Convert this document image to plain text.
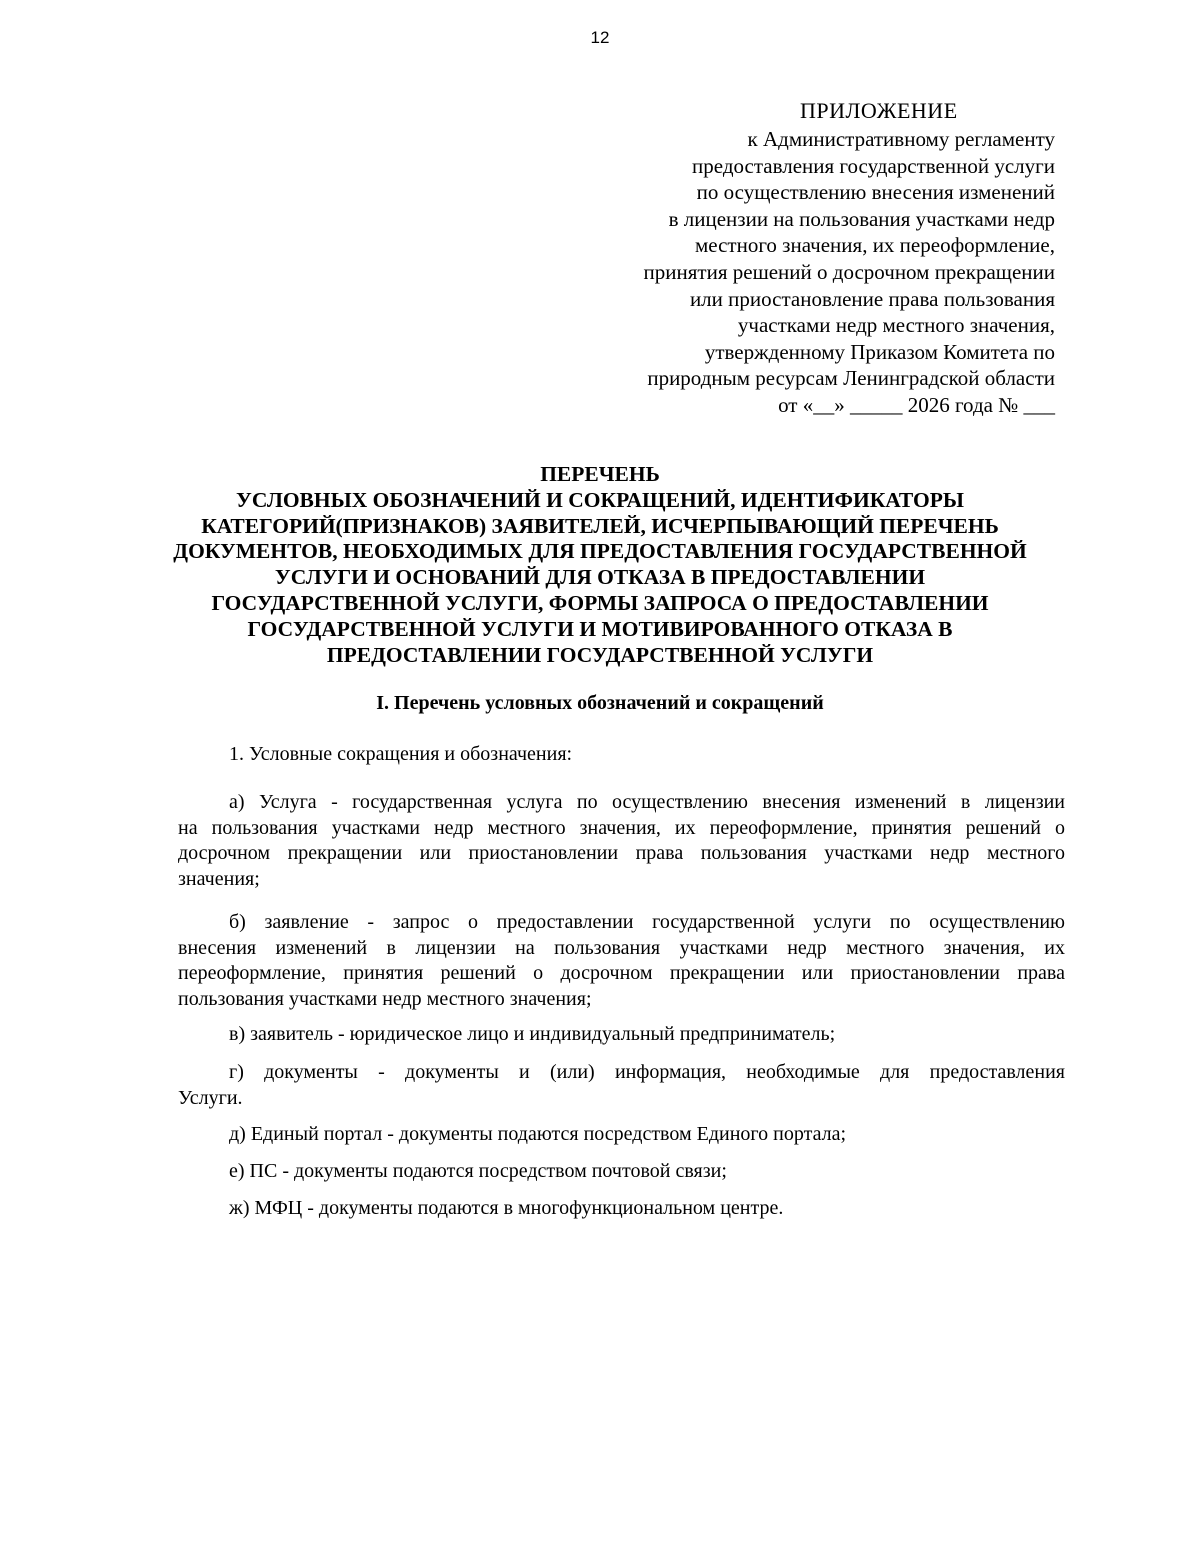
12
ПРИЛОЖЕНИЕ
к Административному регламенту
предоставления государственной услуги
по осуществлению внесения изменений
в лицензии на пользования участками недр
местного значения, их переоформление,
принятия решений о досрочном прекращении
или приостановление права пользования
участками недр местного значения,
утвержденному Приказом Комитета по
природным ресурсам Ленинградской области
от «__» _____ 2026 года № ___
ПЕРЕЧЕНЬ
УСЛОВНЫХ ОБОЗНАЧЕНИЙ И СОКРАЩЕНИЙ, ИДЕНТИФИКАТОРЫ
КАТЕГОРИЙ(ПРИЗНАКОВ) ЗАЯВИТЕЛЕЙ, ИСЧЕРПЫВАЮЩИЙ ПЕРЕЧЕНЬ
ДОКУМЕНТОВ, НЕОБХОДИМЫХ ДЛЯ ПРЕДОСТАВЛЕНИЯ ГОСУДАРСТВЕННОЙ
УСЛУГИ И ОСНОВАНИЙ ДЛЯ ОТКАЗА В ПРЕДОСТАВЛЕНИИ
ГОСУДАРСТВЕННОЙ УСЛУГИ, ФОРМЫ ЗАПРОСА О ПРЕДОСТАВЛЕНИИ
ГОСУДАРСТВЕННОЙ УСЛУГИ И МОТИВИРОВАННОГО ОТКАЗА В
ПРЕДОСТАВЛЕНИИ ГОСУДАРСТВЕННОЙ УСЛУГИ
I. Перечень условных обозначений и сокращений
1. Условные сокращения и обозначения:
а) Услуга - государственная услуга по осуществлению внесения изменений в лицензии
на пользования участками недр местного значения, их переоформление, принятия решений о
досрочном прекращении или приостановлении права пользования участками недр местного
значения;
б) заявление - запрос о предоставлении государственной услуги по осуществлению
внесения изменений в лицензии на пользования участками недр местного значения, их
переоформление, принятия решений о досрочном прекращении или приостановлении права
пользования участками недр местного значения;
в) заявитель - юридическое лицо и индивидуальный предприниматель;
г) документы - документы и (или) информация, необходимые для предоставления
Услуги.
д) Единый портал - документы подаются посредством Единого портала;
е) ПС - документы подаются посредством почтовой связи;
ж) МФЦ - документы подаются в многофункциональном центре.
